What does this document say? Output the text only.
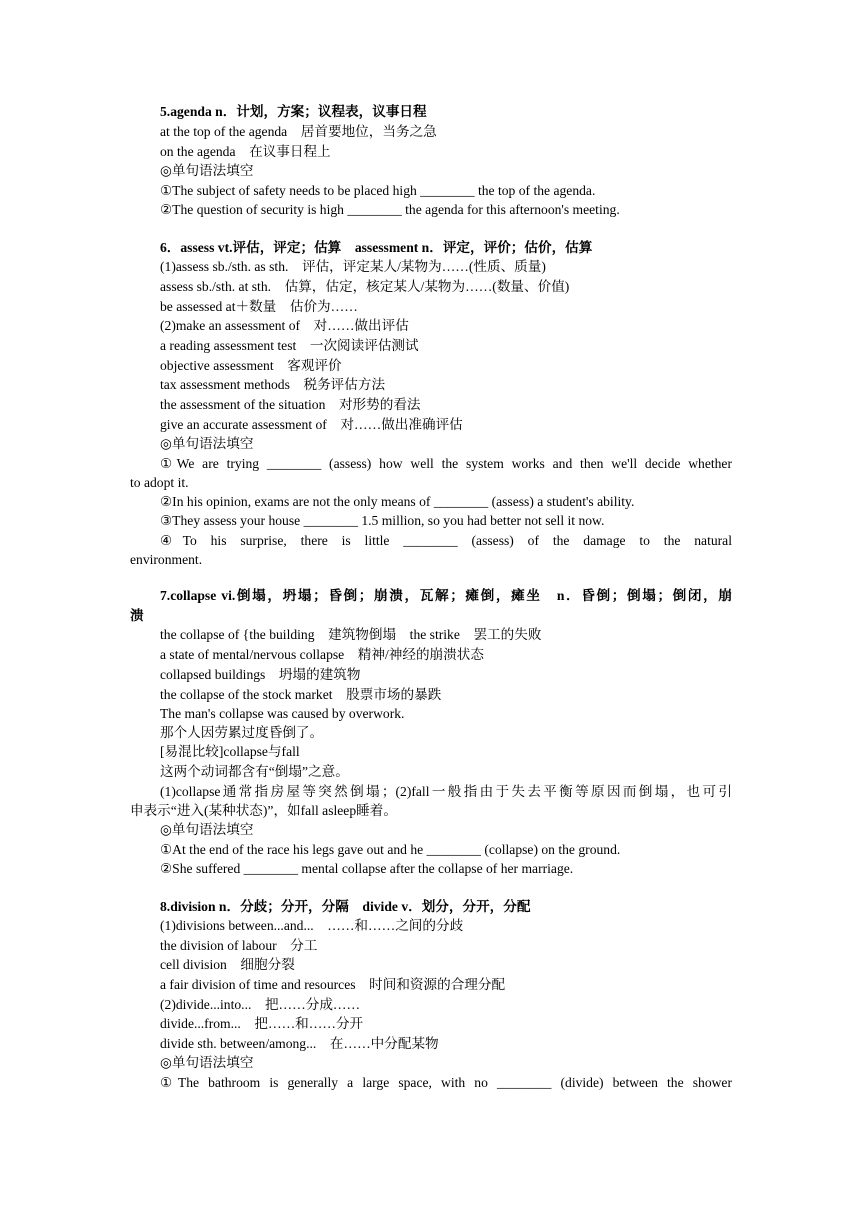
5.agenda n．计划，方案；议程表，议事日程
at the top of the agenda　居首要地位，当务之急
on the agenda　在议事日程上
◎单句语法填空
①The subject of safety needs to be placed high ________ the top of the agenda.
②The question of security is high ________ the agenda for this afternoon's meeting.
6．assess vt.评估，评定；估算　assessment n．评定，评价；估价，估算
(1)assess sb./sth. as sth.　评估，评定某人/某物为……(性质、质量)
assess sb./sth. at sth.　估算，估定，核定某人/某物为……(数量、价值)
be assessed at＋数量　估价为……
(2)make an assessment of　对……做出评估
a reading assessment test　一次阅读评估测试
objective assessment　客观评价
tax assessment methods　税务评估方法
the assessment of the situation　对形势的看法
give an accurate assessment of　对……做出准确评估
◎单句语法填空
①We are trying ________ (assess) how well the system works and then we'll decide whether
to adopt it.
②In his opinion, exams are not the only means of ________ (assess) a student's ability.
③They assess your house ________ 1.5 million, so you had better not sell it now.
④To his surprise, there is little ________ (assess) of the damage to the natural
environment.
7.collapse vi.倒塌，坍塌；昏倒；崩溃，瓦解；瘫倒，瘫坐　n．昏倒；倒塌；倒闭，崩
溃
the collapse of {the building　建筑物倒塌　the strike　罢工的失败
a state of mental/nervous collapse　精神/神经的崩溃状态
collapsed buildings　坍塌的建筑物
the collapse of the stock market　股票市场的暴跌
The man's collapse was caused by overwork.
那个人因劳累过度昏倒了。
[易混比较]collapse与fall
这两个动词都含有“倒塌”之意。
(1)collapse通常指房屋等突然倒塌；(2)fall一般指由于失去平衡等原因而倒塌，也可引
申表示“进入(某种状态)”，如fall asleep睡着。
◎单句语法填空
①At the end of the race his legs gave out and he ________ (collapse) on the ground.
②She suffered ________ mental collapse after the collapse of her marriage.
8.division n．分歧；分开，分隔　divide v．划分，分开，分配
(1)divisions between...and...　……和……之间的分歧
the division of labour　分工
cell division　细胞分裂
a fair division of time and resources　时间和资源的合理分配
(2)divide...into...　把……分成……
divide...from...　把……和……分开
divide sth. between/among...　在……中分配某物
◎单句语法填空
①The bathroom is generally a large space, with no ________ (divide) between the shower
